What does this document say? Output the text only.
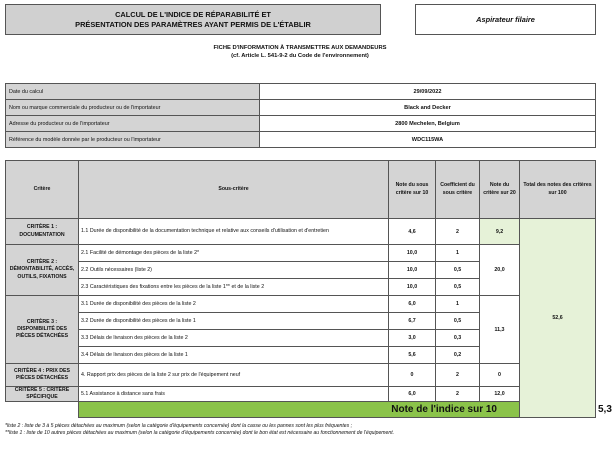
CALCUL DE L'INDICE DE RÉPARABILITÉ ET
PRÉSENTATION DES PARAMÈTRES AYANT PERMIS DE L'ÉTABLIR		Aspirateur filaire
FICHE D'INFORMATION À TRANSMETTRE AUX DEMANDEURS
(cf. Article L. 541-9-2 du Code de l'environnement)
Date du calcul	29/09/2022
Nom ou marque commerciale du producteur ou de l'importateur	Black and Decker
Adresse du producteur ou de l'importateur	2800 Mechelen, Belgium
Référence du modèle donnée par le producteur ou l'importateur	WDC115WA
Critère	Sous-critère	Note du sous critère sur 10	Coefficient du sous critère	Note du critère sur 20	Total des notes des critères sur 100	
CRITÈRE 1 : DOCUMENTATION	1.1 Durée de disponibilité de la documentation technique et relative aux conseils d'utilisation et d'entretien	4,6	2	9,2	52,6	
CRITÈRE 2 : DÉMONTABILITÉ, ACCÈS, OUTILS, FIXATIONS	2.1 Facilité de démontage des pièces de la liste 2*	10,0	1	20,0		
	2.2 Outils nécessaires (liste 2)	10,0	0,5			
	2.3 Caractéristiques des fixations entre les pièces de la liste 1** et de la liste 2	10,0	0,5			
CRITÈRE 3 : DISPONIBILITÉ DES PIÈCES DÉTACHÉES	3.1 Durée de disponibilité des pièces de la liste 2	6,0	1	11,3		
	3.2 Durée de disponibilité des pièces de la liste 1	6,7	0,5			
	3.3 Délais de livraison des pièces de la liste 2	3,0	0,3			
	3.4 Délais de livraison des pièces de la liste 1	5,6	0,2			
CRITÈRE 4 : PRIX DES PIÈCES DÉTACHÉES	4. Rapport prix des pièces de la liste 2 sur prix de l'équipement neuf	0	2	0		
CRITÈRE 5 : CRITÈRE SPÉCIFIQUE	5.1 Assistance à distance sans frais	6,0	2	12,0		
	Note de l'indice sur 10					5,3
*liste 2 : liste de 3 à 5 pièces détachées au maximum (selon la catégorie d'équipements concernée) dont la casse ou les pannes sont les plus fréquentes ;
**liste 1 : liste de 10 autres pièces détachées au maximum (selon la catégorie d'équipements concernée) dont le bon état est nécessaire au fonctionnement de l'équipement.
